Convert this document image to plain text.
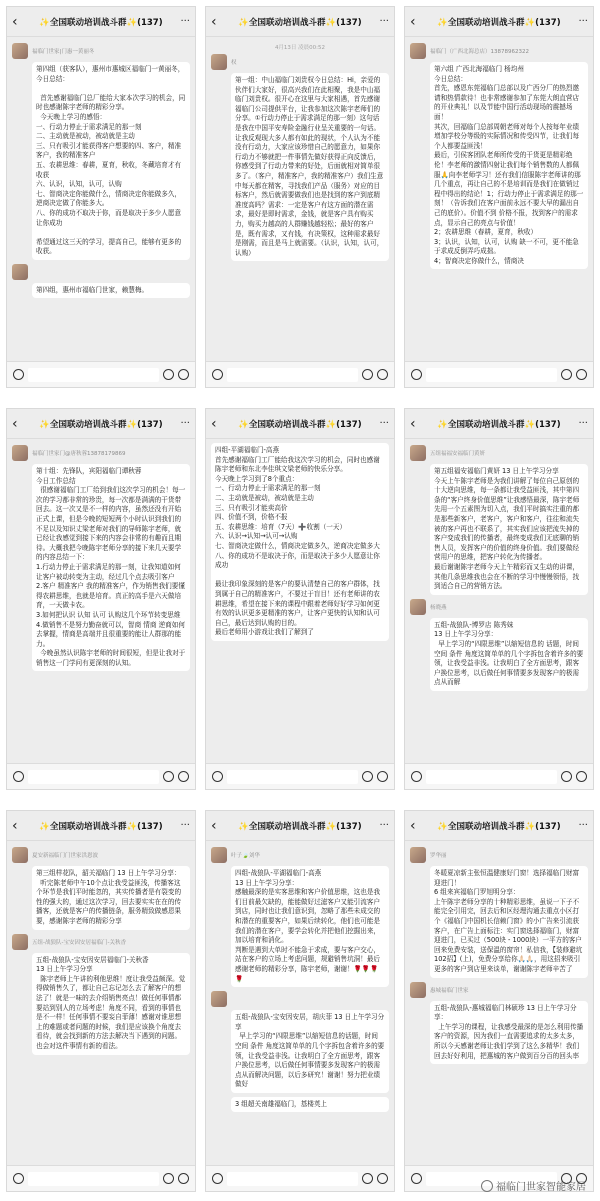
‹	✨全国联动培训战斗群✨(137)	···
福临门世家|门惠一黄丽冬
第四组（获客队），惠州市惠城区福临门一黄丽冬，今日总结：

首先感谢福临门总厂能给大家本次学习的机会，同时也感谢陈宇老师的精彩分享。
今天晚上学习的感悟：
一、行动力停止于需求满足的那一刻
二、主动就是被动，被动就是主动
三、只有吸引才能获得客户想要的四、客户，精准客户，我的精准客户
五、农耕思维：春耕，夏育，秋收，冬藏培育才有收获
六、认识，认知，认可，认购
七、智商决定你能做什么，情商决定你能做多久，逆商决定做了你能多大。
八、你的成功不取决于你，而是取决于多少人愿意让你成功

希望通过这三天的学习，提高自己，能够有更多的收获。
第四组，惠州市福临门世家，赖慧梅。
‹	✨全国联动培训战斗群✨(137)	···
4月13日 凌晨00:52
权
第一组：中山福临门刘贵权今日总结：Hi，亲爱的伙伴们大家好，很高兴我们在此相聚，我是中山福临门刘贵权。很开心在这里与大家相遇，首先感谢福临门公司提供平台，让我参加这次陈宇老师们的分享。①行动力停止于需求满足的那一刻）这句话是我在中国平安寿险金融行业呈关重要的一句话。让我反观现大多人都有如此的现状，个人认为不能没有行动力，大家应该珍惜自己的愿意力，如果你行动力不够就把一件事情先做好获得正向反馈后，你感受到了行动力带来的好处，后面就相对简单很多了。（客户，精准客户，我的精准客户）我们生意中每天都在精客，寻找我们产品（服务）对应的目标客户，然后就需要做我们也是找到的客户到底精准度高吗？需求：一定是客户有这方面的潜在需求，最好是即时需求，金钱，就是客户具有购买力，购买力越高的人群赚钱越轻松；最好的客户是，既有需求，又有钱，有决策权，这种需求最好是刚需，而且是马上就需要。（认识，认知，认可，认购）
‹	✨全国联动培训战斗群✨(137)	···
福临门（广西北海总店）13878962322
第六组 广西北海福临门 杨均州
今日总结：
首先，感恩东莞福临门总部以及广西分厂的热烈邀请和热情款待！也非常感谢参加了东莞大朗直营店的开业典礼！以及节能中国行活动现场的震撼场面！
其次，回福临门总部周朝老师对每个人按每年业绩增加学校分等级的实际情况和传受四节，让我们每个人都要益匪浅！
最后，引侯客团队老师所传受的干货更是精彩绝伦！李老师的激情四射让我们每个销售数的人都佩服🙏向李老师学习！还有我们信服陈宇老师讲的那几个重点，再让自己的不是培训而是我们在做销过程中得出的结论！1；行动力停止于需求满足的那一刻！（告诉我们在客户面前永远不要大早的漏出自己的底价）。价值不到 价格不报，找到客户的需求点，显示自己的亮点与价值！
2；农耕思维（春耕，夏育，秋收）
3；认识，认知，认可，认购 缺一不可，更不能急于求成反倒弄巧成拙。
4；智商决定你做什么，情商决
‹	✨全国联动培训战斗群✨(137)	···
福临门世家门@唐秋蓉13878179869
第十组：先锋队，宾阳福临门谭秋蓉
今日工作总结
很感谢福临门工厂给到我们这次学习的机会！每一次的学习都非常的珍贵，每一次都是满满的干货带回去。这一次又是不一样的内容，虽然还没有开始正式上课，但是今晚的短短两个小时认识到我们的不足以及知识丈梁老师对我们的导师陈宇老师，就已经让我感觉到接下来的内容会非常的有趣而且期待。大概我把今晚陈宇老师分享的接下来几天要学的内容总结一下：
1.行动力停止于需求满足的那一刻，让我知道如何让客户被动转变为主动，经过几个点去吸引客户
2.客户 精准客户 我的精准客户，作为销售我们要懂得农耕思维，也就是培育。真正的高手是六天做培育，一天做卡农。
3.如何把认识 认知 认可 认购这几个环节转变思维
4.做销售不是努力勤奋就可以，智商 情商 逆商如何去掌握，情商是高端并且很重要的能让人群那的能力。
今晚虽然认识陈宇老师的时间很短，但是让我对于销售这一门学问有更深刻的认知。
‹	✨全国联动培训战斗群✨(137)	···
四组-平湖福临门-高燕
首先感谢福临门工厂能给我这次学习的机会，同时也感谢陈宇老师和东北李佳琪文梁老师的快乐分享。
今天晚上学习到了8个重点：
一、行动力停止于需求满足的那一刻
二、主动就是被动，被动就是主动
三、只有吸引才能卖高价
四、价值不到，价格不报
五、农耕思维：培育（7天）➕收割（一天）
六、认识→认知→认可→认购
七、智商决定做什么，情商决定做多久，逆商决定做多大
八、你的成功不是取决于你，而是取决于多少人愿意让你成功

最让我印象深刻的是客户的要认清楚自己的客户群体，找到属于自己的精准客户，不要过于盲目！还有老师讲的农耕思维，希望在接下来的课程中跟着老师好好学习如何更有效的认识更多更精准的客户，让客户更快的认知和认可自己，最后达到认购的目的。
最后老师用小游戏让我们了解到了
‹	✨全国联动培训战斗群✨(137)	···
五组福福安福临门黄妍
第五组福安福临门黄妍 13 日上午学习分享
今天上午陈宇老师是为我们讲解了每位自己原创的十大逆向思维，每一条都让我受益匪浅，其中第四条的“客户终身价值思维”让我感悟最深，陈宇老师先用一个五素图为切入点，我们平时搞实注重的都是那些新客户，老客户，客户和客户，往往和流失被的客户再也不联系了，其实我们应该把流失掉的客户变成我们的传播者，最终变成我们无底聊的销售人员，发挥客户的价值的终身价值。我们要做经营用户的思维，把客户转化为传播者。
最后谢谢陈宇老师今天上午精彩而又生动的讲课，其他几条思维我也会在不断的学习中慢慢领悟，找到适合自己的营销方法。
杨晓燕
五组-战狼队-博罗店 陈秀妹
13 日上午学习分享：
早上学习的“四限思维”以缩短信息的 话题，时间 空间 条件 角度这简单单的几个字拆包含着许多的要领，让我受益非浅。让我明白了全方面思考，跟客户换位思考，以后做任何事情要多发现客户的极需点从而解
‹	✨全国联动培训战斗群✨(137)	···
夏安新福临门门世家洪恩波
第三组样花队，韶关福临门 13 日上午学习分享：
听完陈老师中午10个点让我受益匪浅，传播客这个环节是我们平时能忽的，其实传播者是有裂变的性的强大的，通过这次学习，回去要实实在在的传播客，还就是客户的传播链条，服务精致做感恩果要，感谢陈宇老师的精彩分享
五组-战狼队-宝安因安居福临门-关秋香
五组-战狼队-宝安因安居福临门-关秋香
13 日上午学习分享
陈宇老师上午讲的利他思维！度让我受益颇深。觉得做销售久了，都让自己忘记怎么去了解客户的想法了！就是一味的去介绍销售亮点！做任何事情都要站到别人的立场考虑！角度不同，看到的事情也是不一样！任何事情不要妄自菲薄！感谢对谁思想上的难题或者问题的时候，我们是应该换个角度去看待，就会找到新的方法去解决当下遇到的问题。也会对这件事情有新的看法。
‹	✨全国联动培训战斗群✨(137)	···
叶子🍃刘华
四组-战狼队-平湖福临门-高燕
13 日上午学习分享：
感触最深的是实客思维和客户价值思维，这也是我们目前最欠缺的，能能做好过滤客户又能引流客户到店，同时也让我们意识到，忽略了那些未成交的和潜在的重要客户，如果后续转化，他们也可能是我们的潜在客户，要学会转化并把他们挖掘出来，加以培育和消化。
判断是遇到大单时不能急于求成，要与客户交心，站在客户的立场上考虑问题，规避销售坑洞！最后感谢老师的精彩分享，陈宇老师，谢谢！🌹🌹🌹🌹
五组-战狼队-宝安因安居，胡庆菲 13 日上午学习分享
早上学习的“四限思维”以缩短信息的话题，时间 空间 条件 角度这简单单的几个字拆包含着许多的要领，让我受益非浅。让我明白了全方面思考，跟客户换位思考，以后做任何事情要多发现客户的极需点从而解决问题，以后多研究！谢谢！努力把业绩做好
3 组超关南雄福临门，基楼英上
‹	✨全国联动培训战斗群✨(137)	···
罗华丽
冬暖夏凉新主张恒温健康好门窗！选择福临门财富迎进门！
6 组来宾福临门罗旭明分享：
上午陈宇老师分享的十种精彩思维，虽说一下子不能完全引用完，回去后和区经理沟通去重点小区打个《福临门中国机长信赖门窗》的小广告来引流获客户，在广告上面标注：实门窗选择福临门，财富迎进门，已买过（500块 - 1000块）一平方的客户回来免费安装，送保温的窗帘！私信我，【装修避坑102招】(上)，免费分享给你🙏🏻🙏🏻，用这招来吸引更多的客户到店里来谈单，谢谢陈宇老师辛苦了
惠城福临门世家
五组-战狼队-惠城福临门林硕珍 13 日上午学习分享：
上午学习的课程，让我感受最深的是怎么利用传播客户的资源，因为我们一直需要追求的太多太多，所以今天感谢老师让我们学到了这么多精华！我们回去好好利用，把惠城的客户做到百分百的回头率
福临门世家智能家居
